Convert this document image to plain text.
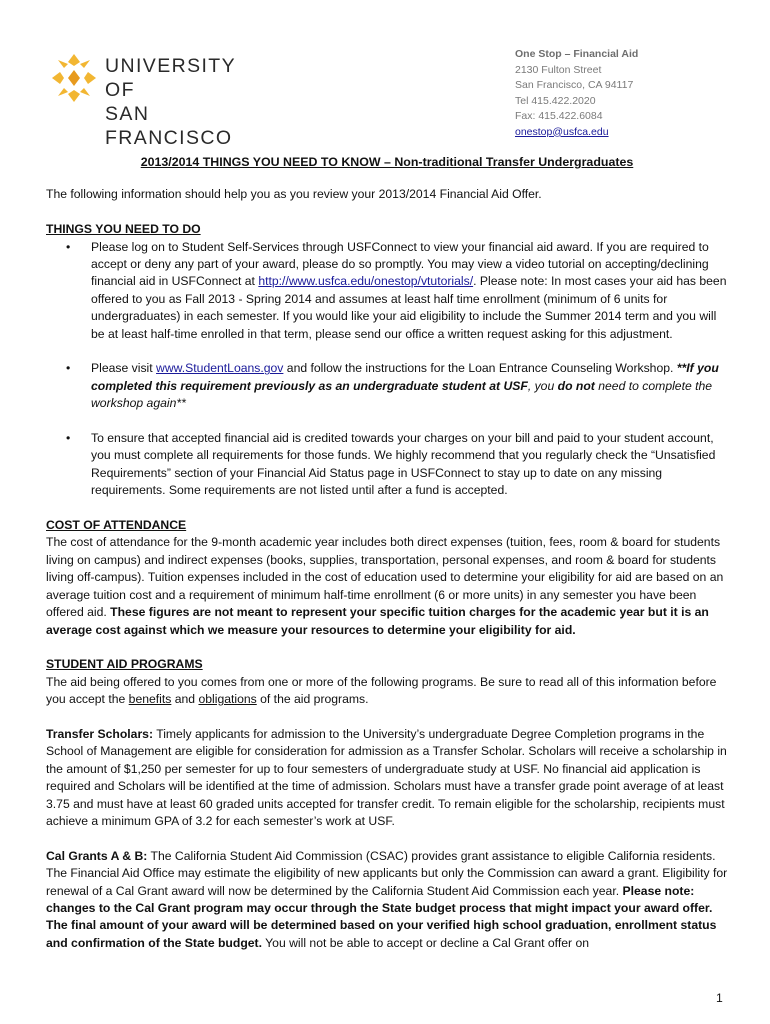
UNIVERSITY OF
SAN FRANCISCO
One Stop – Financial Aid
2130 Fulton Street
San Francisco, CA 94117
Tel 415.422.2020
Fax: 415.422.6084
onestop@usfca.edu

2013/2014 THINGS YOU NEED TO KNOW – Non-traditional Transfer Undergraduates

The following information should help you as you review your 2013/2014 Financial Aid Offer.

THINGS YOU NEED TO DO
• Please log on to Student Self-Services through USFConnect to view your financial aid award. If you are required to accept or deny any part of your award, please do so promptly. You may view a video tutorial on accepting/declining financial aid in USFConnect at http://www.usfca.edu/onestop/vtutorials/. Please note: In most cases your aid has been offered to you as Fall 2013 - Spring 2014 and assumes at least half time enrollment (minimum of 6 units for undergraduates) in each semester. If you would like your aid eligibility to include the Summer 2014 term and you will be at least half-time enrolled in that term, please send our office a written request asking for this adjustment.
• Please visit www.StudentLoans.gov and follow the instructions for the Loan Entrance Counseling Workshop. **If you completed this requirement previously as an undergraduate student at USF, you do not need to complete the workshop again**
• To ensure that accepted financial aid is credited towards your charges on your bill and paid to your student account, you must complete all requirements for those funds. We highly recommend that you regularly check the “Unsatisfied Requirements” section of your Financial Aid Status page in USFConnect to stay up to date on any missing requirements. Some requirements are not listed until after a fund is accepted.
COST OF ATTENDANCE

The cost of attendance for the 9-month academic year includes both direct expenses (tuition, fees, room & board for students living on campus) and indirect expenses (books, supplies, transportation, personal expenses, and room & board for students living off-campus). Tuition expenses included in the cost of education used to determine your eligibility for aid are based on an average tuition cost and a requirement of minimum half-time enrollment (6 or more units) in any semester you have been offered aid. These figures are not meant to represent your specific tuition charges for the academic year but it is an average cost against which we measure your resources to determine your eligibility for aid.

STUDENT AID PROGRAMS

The aid being offered to you comes from one or more of the following programs. Be sure to read all of this information before you accept the benefits and obligations of the aid programs.

Transfer Scholars: Timely applicants for admission to the University’s undergraduate Degree Completion programs in the School of Management are eligible for consideration for admission as a Transfer Scholar. Scholars will receive a scholarship in the amount of $1,250 per semester for up to four semesters of undergraduate study at USF. No financial aid application is required and Scholars will be identified at the time of admission. Scholars must have a transfer grade point average of at least 3.75 and must have at least 60 graded units accepted for transfer credit. To remain eligible for the scholarship, recipients must achieve a minimum GPA of 3.2 for each semester’s work at USF.

Cal Grants A & B: The California Student Aid Commission (CSAC) provides grant assistance to eligible California residents. The Financial Aid Office may estimate the eligibility of new applicants but only the Commission can award a grant. Eligibility for renewal of a Cal Grant award will now be determined by the California Student Aid Commission each year. Please note: changes to the Cal Grant program may occur through the State budget process that might impact your award offer. The final amount of your award will be determined based on your verified high school graduation, enrollment status and confirmation of the State budget. You will not be able to accept or decline a Cal Grant offer on

1
